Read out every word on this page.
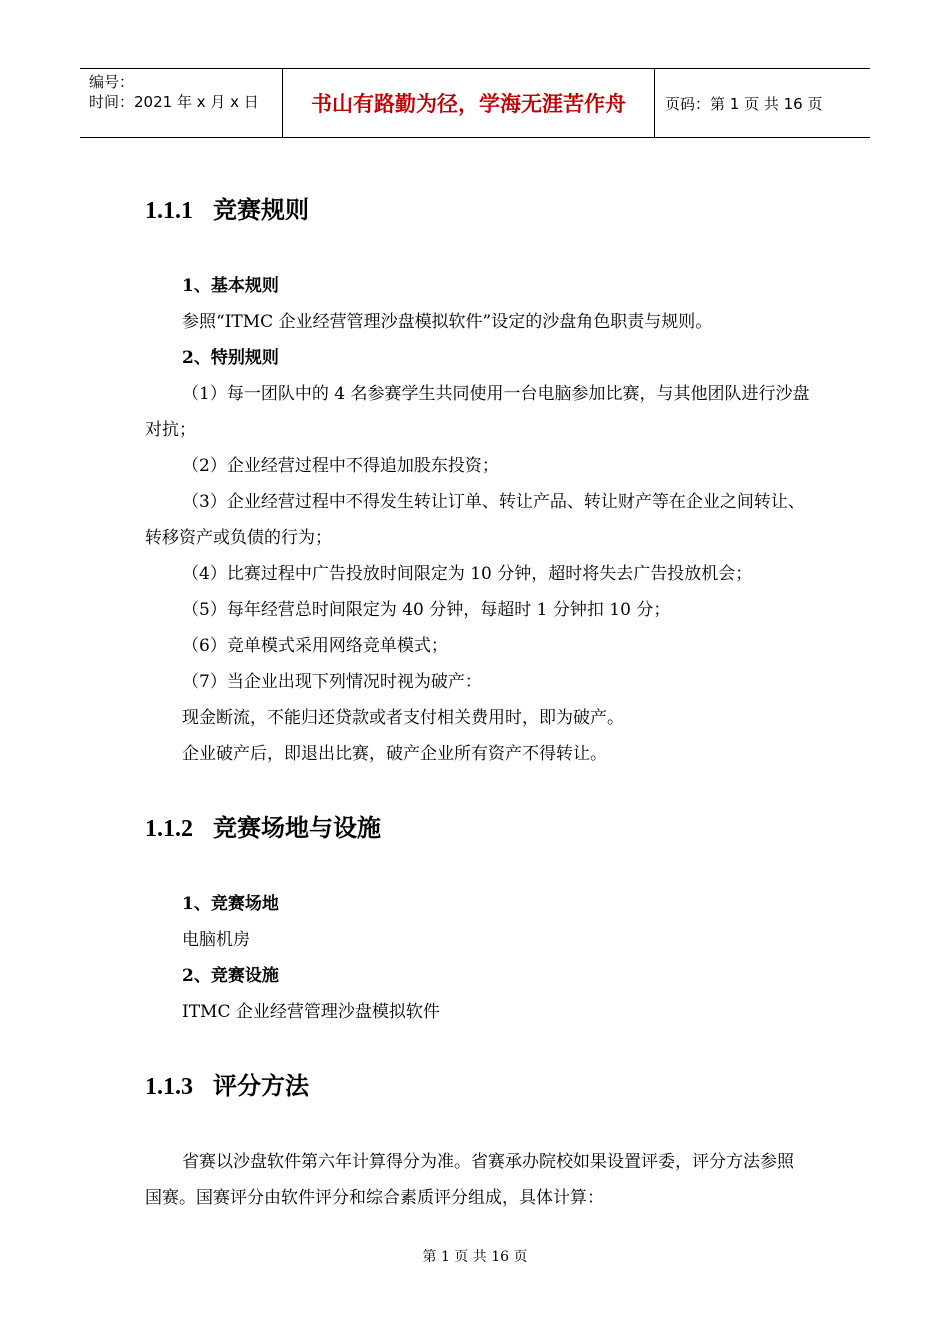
编号：
时间：2021 年 x 月 x 日	书山有路勤为径，学海无涯苦作舟	页码：第 1 页 共 16 页
1.1.1 竞赛规则
1、基本规则
参照“ITMC 企业经营管理沙盘模拟软件”设定的沙盘角色职责与规则。
2、特别规则
（1）每一团队中的 4 名参赛学生共同使用一台电脑参加比赛，与其他团队进行沙盘对抗；
（2）企业经营过程中不得追加股东投资；
（3）企业经营过程中不得发生转让订单、转让产品、转让财产等在企业之间转让、转移资产或负债的行为；
（4）比赛过程中广告投放时间限定为 10 分钟，超时将失去广告投放机会；
（5）每年经营总时间限定为 40 分钟，每超时 1 分钟扣 10 分；
（6）竞单模式采用网络竞单模式；
（7）当企业出现下列情况时视为破产：
现金断流，不能归还贷款或者支付相关费用时，即为破产。
企业破产后，即退出比赛，破产企业所有资产不得转让。
1.1.2 竞赛场地与设施
1、竞赛场地
电脑机房
2、竞赛设施
ITMC 企业经营管理沙盘模拟软件
1.1.3 评分方法
省赛以沙盘软件第六年计算得分为准。省赛承办院校如果设置评委，评分方法参照国赛。国赛评分由软件评分和综合素质评分组成，具体计算：
第 1 页 共 16 页
